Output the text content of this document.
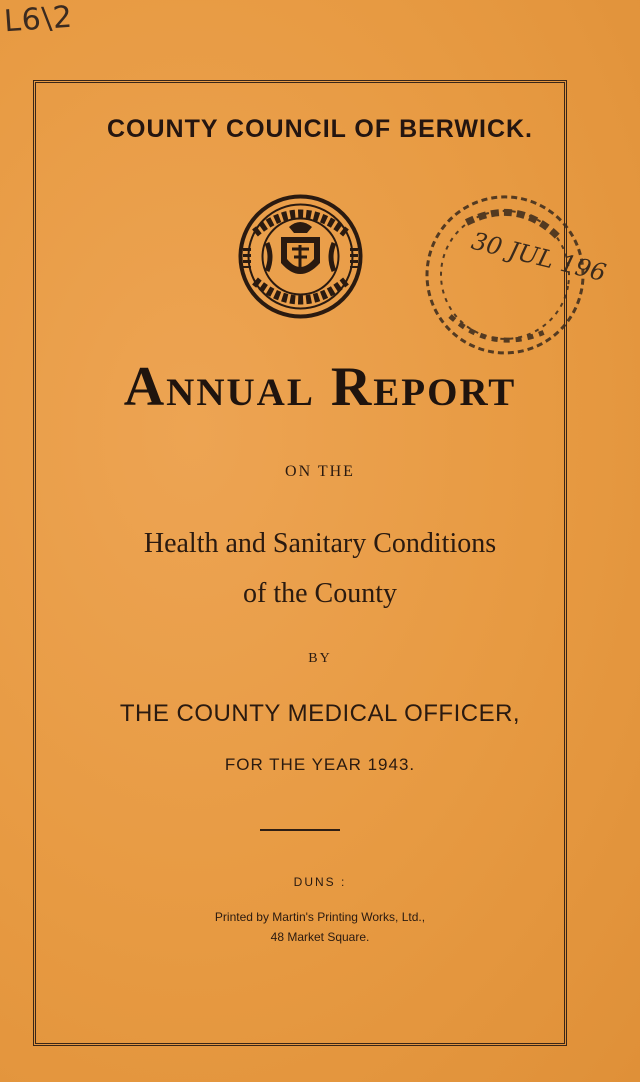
L6\2
COUNTY COUNCIL OF BERWICK.
30 JUL 196
Annual Report
ON THE
Health and Sanitary Conditions
of the County
BY
THE COUNTY MEDICAL OFFICER,
FOR THE YEAR 1943.
DUNS :
Printed by Martin's Printing Works, Ltd.,
48 Market Square.
